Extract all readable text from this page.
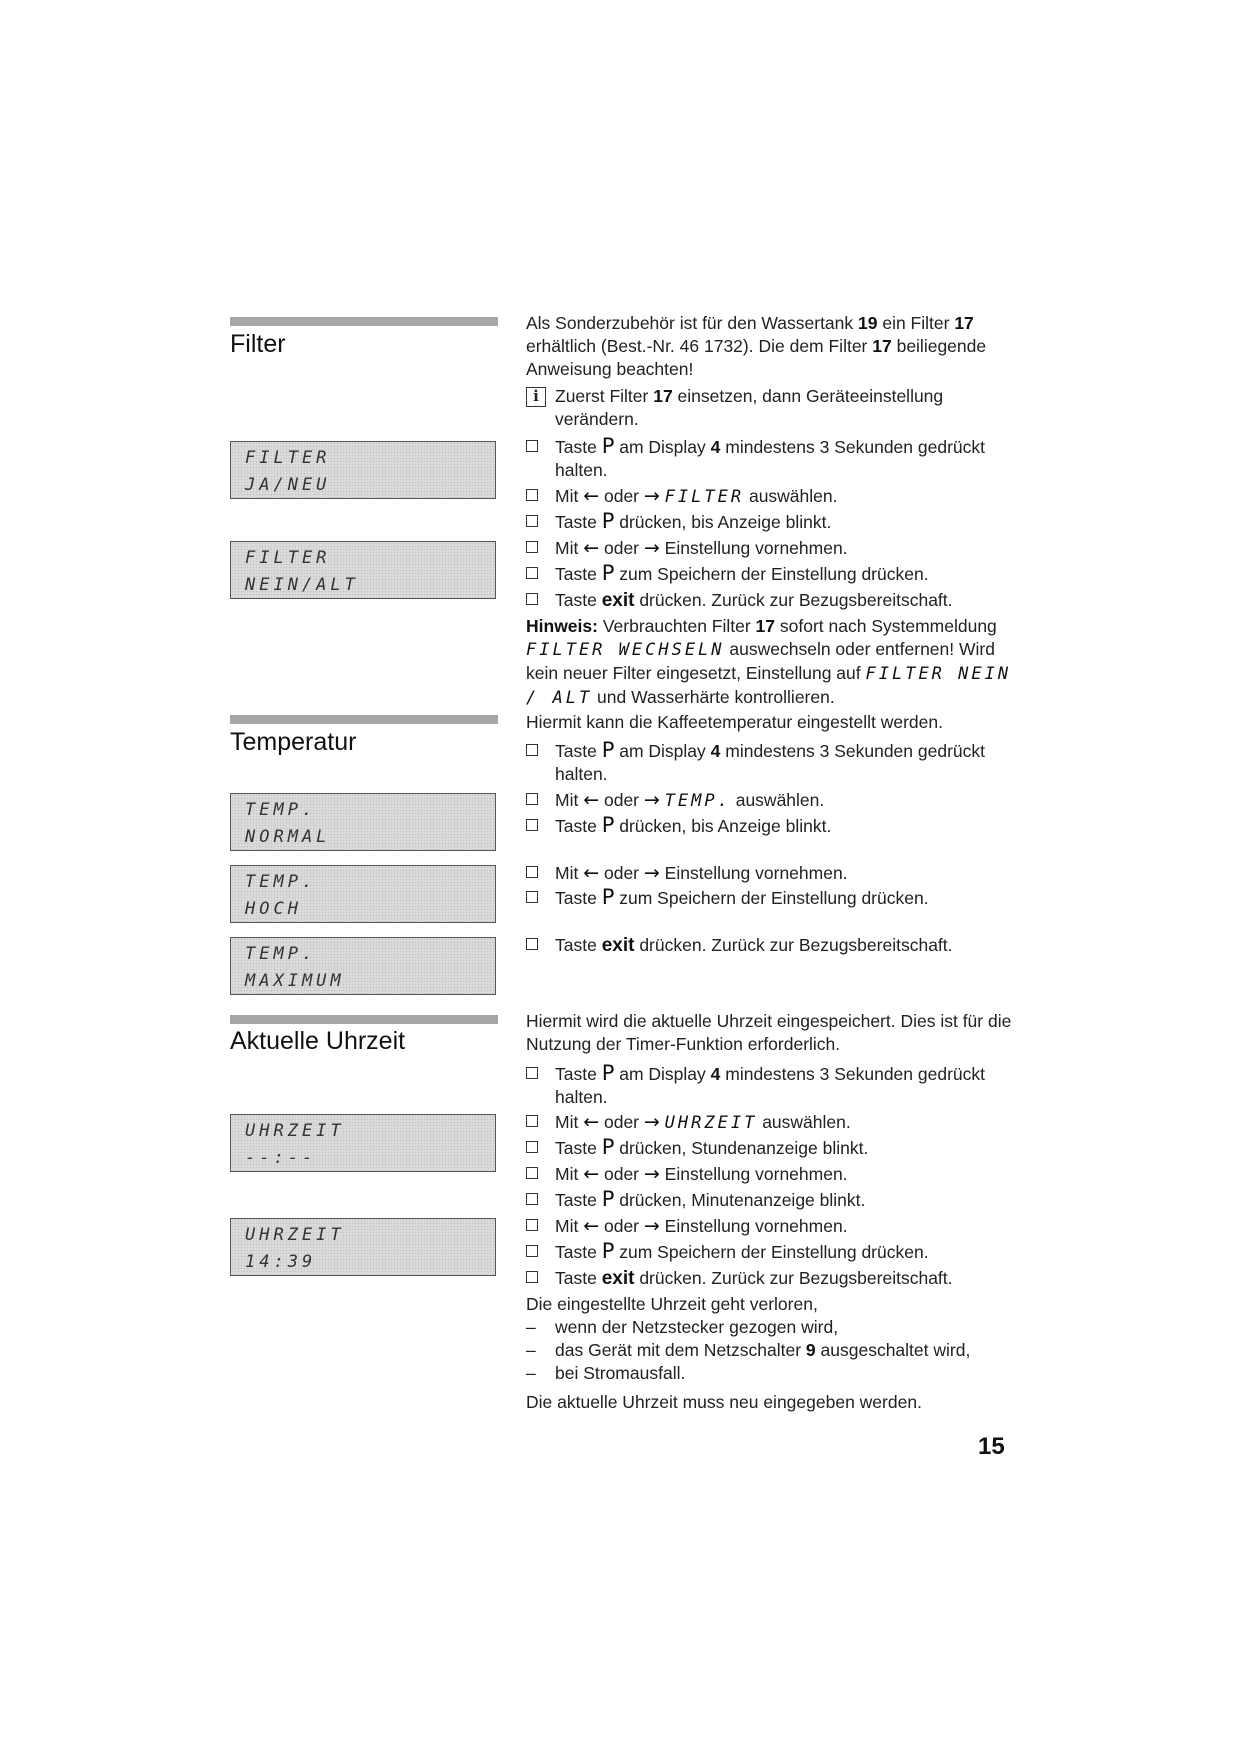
Filter
FILTER
JA/NEU
FILTER
NEIN/ALT
Als Sonderzubehör ist für den Wassertank 19 ein Filter 17 erhältlich (Best.-Nr. 46 1732). Die dem Filter 17 beiliegende Anweisung beachten!
i Zuerst Filter 17 einsetzen, dann Geräteeinstellung verändern.
Taste P am Display 4 mindestens 3 Sekunden gedrückt halten.
Mit ← oder → FILTER auswählen.
Taste P drücken, bis Anzeige blinkt.
Mit ← oder → Einstellung vornehmen.
Taste P zum Speichern der Einstellung drücken.
Taste exit drücken. Zurück zur Bezugsbereitschaft.
Hinweis: Verbrauchten Filter 17 sofort nach Systemmeldung FILTER WECHSELN auswechseln oder entfernen! Wird kein neuer Filter eingesetzt, Einstellung auf FILTER NEIN / ALT und Wasserhärte kontrollieren.
Temperatur
TEMP.
NORMAL
TEMP.
HOCH
TEMP.
MAXIMUM
Hiermit kann die Kaffeetemperatur eingestellt werden.
Taste P am Display 4 mindestens 3 Sekunden gedrückt halten.
Mit ← oder → TEMP. auswählen.
Taste P drücken, bis Anzeige blinkt.
Mit ← oder → Einstellung vornehmen.
Taste P zum Speichern der Einstellung drücken.
Taste exit drücken. Zurück zur Bezugsbereitschaft.
Aktuelle Uhrzeit
UHRZEIT
--:--
UHRZEIT
14:39
Hiermit wird die aktuelle Uhrzeit eingespeichert. Dies ist für die Nutzung der Timer-Funktion erforderlich.
Taste P am Display 4 mindestens 3 Sekunden gedrückt halten.
Mit ← oder → UHRZEIT auswählen.
Taste P drücken, Stundenanzeige blinkt.
Mit ← oder → Einstellung vornehmen.
Taste P drücken, Minutenanzeige blinkt.
Mit ← oder → Einstellung vornehmen.
Taste P zum Speichern der Einstellung drücken.
Taste exit drücken. Zurück zur Bezugsbereitschaft.
Die eingestellte Uhrzeit geht verloren,
– wenn der Netzstecker gezogen wird,
– das Gerät mit dem Netzschalter 9 ausgeschaltet wird,
– bei Stromausfall.
Die aktuelle Uhrzeit muss neu eingegeben werden.
15
